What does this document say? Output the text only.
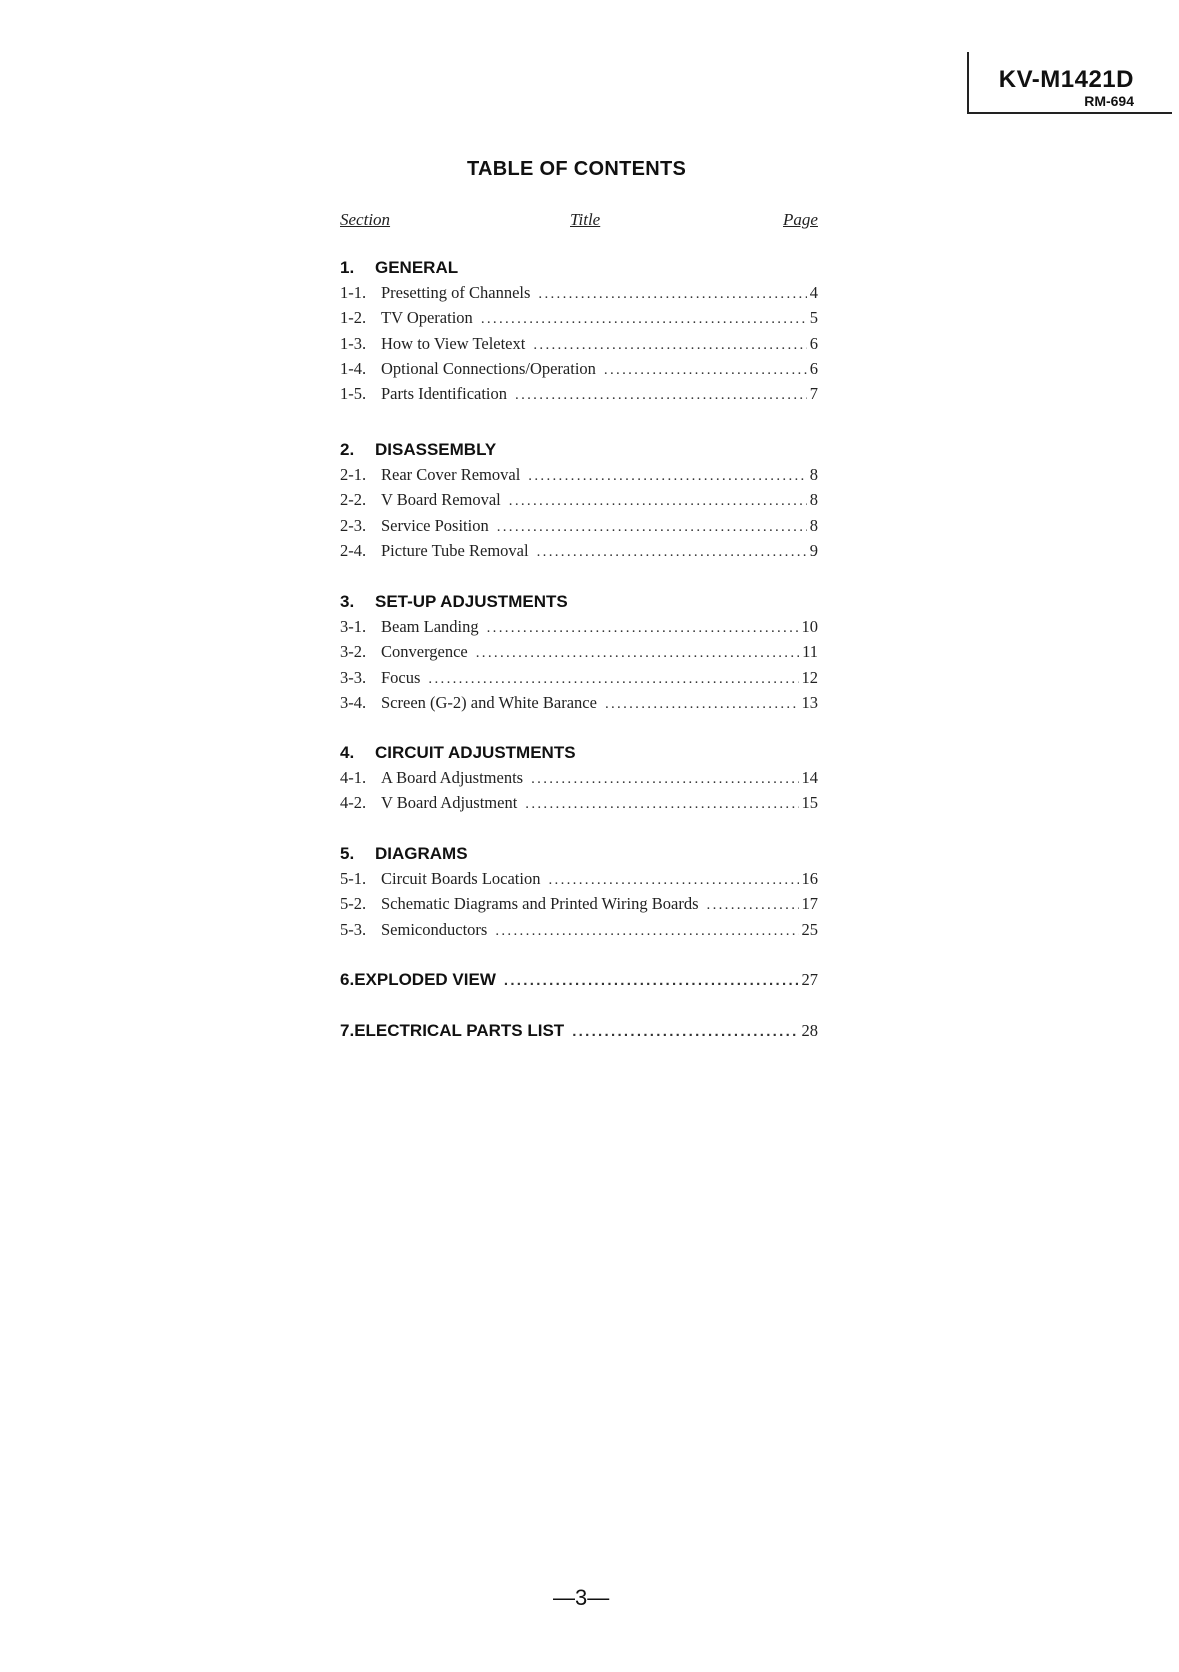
KV-M1421D
RM-694
TABLE OF CONTENTS
Section	Title	Page
1.	GENERAL
1-1. Presetting of Channels .....	4
1-2. TV Operation .....	5
1-3. How to View Teletext .....	6
1-4. Optional Connections/Operation .....	6
1-5. Parts Identification .....	7
2.	DISASSEMBLY
2-1. Rear Cover Removal .....	8
2-2. V Board Removal .....	8
2-3. Service Position .....	8
2-4. Picture Tube Removal .....	9
3.	SET-UP ADJUSTMENTS
3-1. Beam Landing .....	10
3-2. Convergence .....	11
3-3. Focus .....	12
3-4. Screen (G-2) and White Barance .....	13
4.	CIRCUIT ADJUSTMENTS
4-1. A Board Adjustments .....	14
4-2. V Board Adjustment .....	15
5.	DIAGRAMS
5-1. Circuit Boards Location .....	16
5-2. Schematic Diagrams and Printed Wiring Boards .....	17
5-3. Semiconductors .....	25
6. EXPLODED VIEW .....	27
7. ELECTRICAL PARTS LIST .....	28
—3—
